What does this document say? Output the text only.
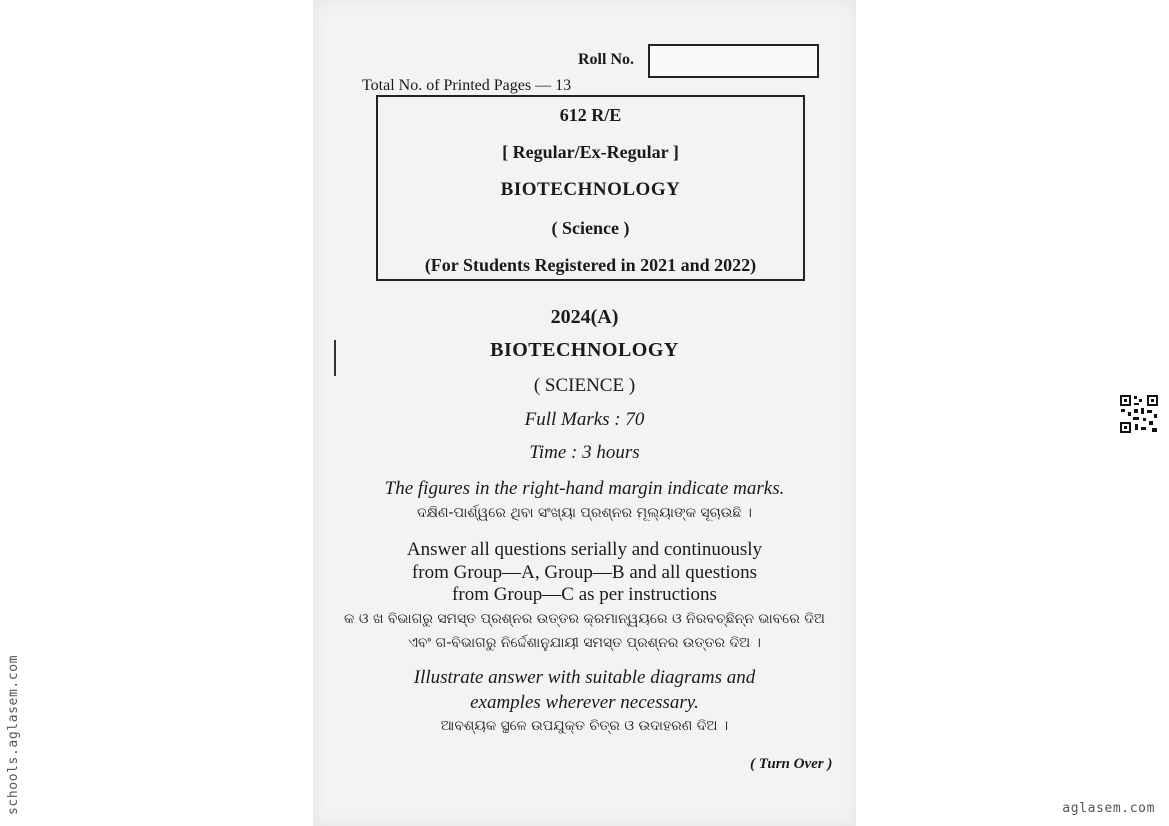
Roll No.
Total No. of Printed Pages — 13
612 R/E
[ Regular/Ex-Regular ]
BIOTECHNOLOGY
( Science )
(For Students Registered in 2021 and 2022)
2024(A)
BIOTECHNOLOGY
( SCIENCE )
Full Marks : 70
Time : 3 hours
The figures in the right-hand margin indicate marks.
ଦକ୍ଷିଣ-ପାର୍ଶ୍ୱରେ ଥିବା ସଂଖ୍ୟା ପ୍ରଶ୍ନର ମୂଲ୍ୟାଙ୍କ ସୂଚାଉଛି ।
Answer all questions serially and continuously
from Group—A, Group—B and all questions
from Group—C as per instructions
କ ଓ ଖ ବିଭାଗରୁ ସମସ୍ତ ପ୍ରଶ୍ନର ଉତ୍ତର କ୍ରମାନ୍ୱୟରେ ଓ ନିରବଚ୍ଛିନ୍ନ ଭାବରେ ଦିଅ
ଏବଂ ଗ-ବିଭାଗରୁ ନିର୍ଦ୍ଦେଶାନୁଯାୟୀ ସମସ୍ତ ପ୍ରଶ୍ନର ଉତ୍ତର ଦିଅ ।
Illustrate answer with suitable diagrams and
examples wherever necessary.
ଆବଶ୍ୟକ ସ୍ଥଳେ ଉପଯୁକ୍ତ ଚିତ୍ର ଓ ଉଦାହରଣ ଦିଅ ।
( Turn Over )
schools.aglasem.com	aglasem.com
